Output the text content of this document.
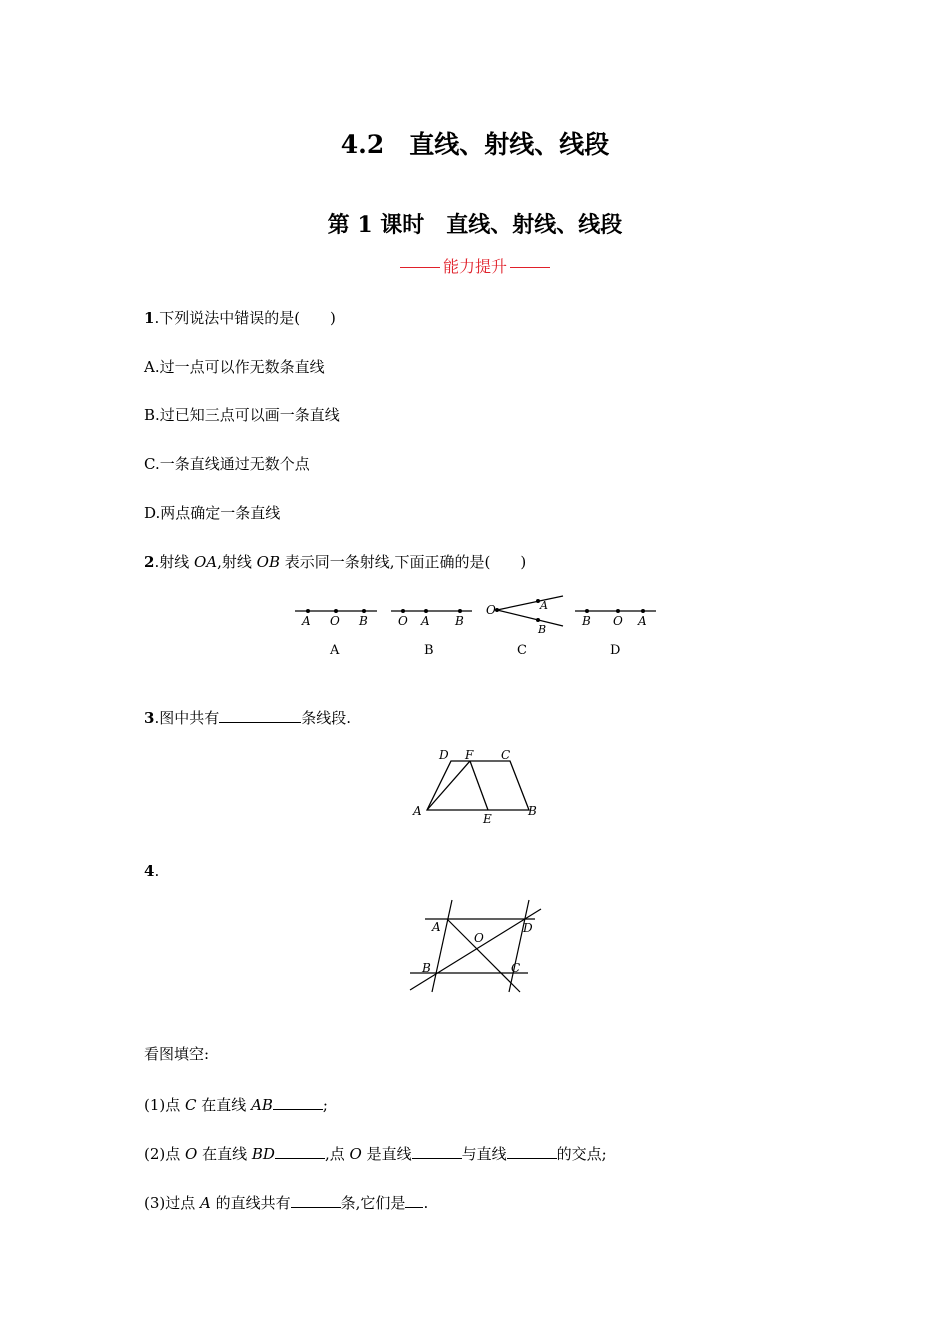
4.2　直线、射线、线段
第 1 课时　直线、射线、线段
能力提升
1.下列说法中错误的是(　　)
A.过一点可以作无数条直线
B.过已知三点可以画一条直线
C.一条直线通过无数个点
D.两点确定一条直线
2.射线 OA,射线 OB 表示同一条射线,下面正确的是(　　)
A O B
A
O A B
B
O	A
B
C
B O A
D
3.图中共有	条线段.
D F C
A
E
B
4.
A	D
O
B	C
看图填空:
(1)点 C 在直线 AB	;
(2)点 O 在直线 BD	,点 O 是直线	与直线	的交点;
(3)过点 A 的直线共有	条,它们是 .
